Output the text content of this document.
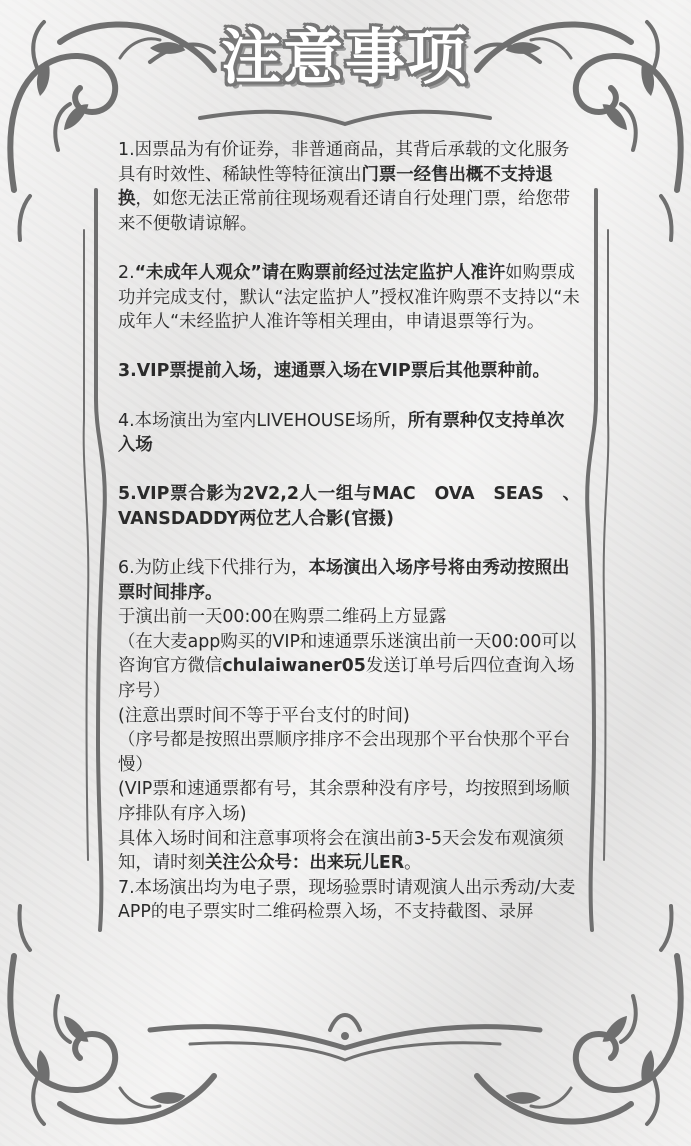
注意事项

1.因票品为有价证券，非普通商品，其背后承载的文化服务具有时效性、稀缺性等特征演出门票一经售出概不支持退换，如您无法正常前往现场观看还请自行处理门票，给您带来不便敬请谅解。

2.“未成年人观众”请在购票前经过法定监护人准许如购票成功并完成支付，默认“法定监护人”授权准许购票不支持以“未成年人“未经监护人准许等相关理由，申请退票等行为。

3.VIP票提前入场，速通票入场在VIP票后其他票种前。

4.本场演出为室内LIVEHOUSE场所，所有票种仅支持单次入场

5.VIP票合影为2V2,2人一组与MAC　OVA　SEAS　、

VANSDADDY两位艺人合影(官摄)

6.为防止线下代排行为，本场演出入场序号将由秀动按照出票时间排序。

于演出前一天00:00在购票二维码上方显露

（在大麦app购买的VIP和速通票乐迷演出前一天00:00可以咨询官方微信chulaiwaner05发送订单号后四位查询入场序号）

(注意出票时间不等于平台支付的时间)

（序号都是按照出票顺序排序不会出现那个平台快那个平台慢）

(VIP票和速通票都有号，其余票种没有序号，均按照到场顺序排队有序入场)

具体入场时间和注意事项将会在演出前3-5天会发布观演须知，请时刻关注公众号：出来玩儿ER。

7.本场演出均为电子票，现场验票时请观演人出示秀动/大麦APP的电子票实时二维码检票入场，不支持截图、录屏
